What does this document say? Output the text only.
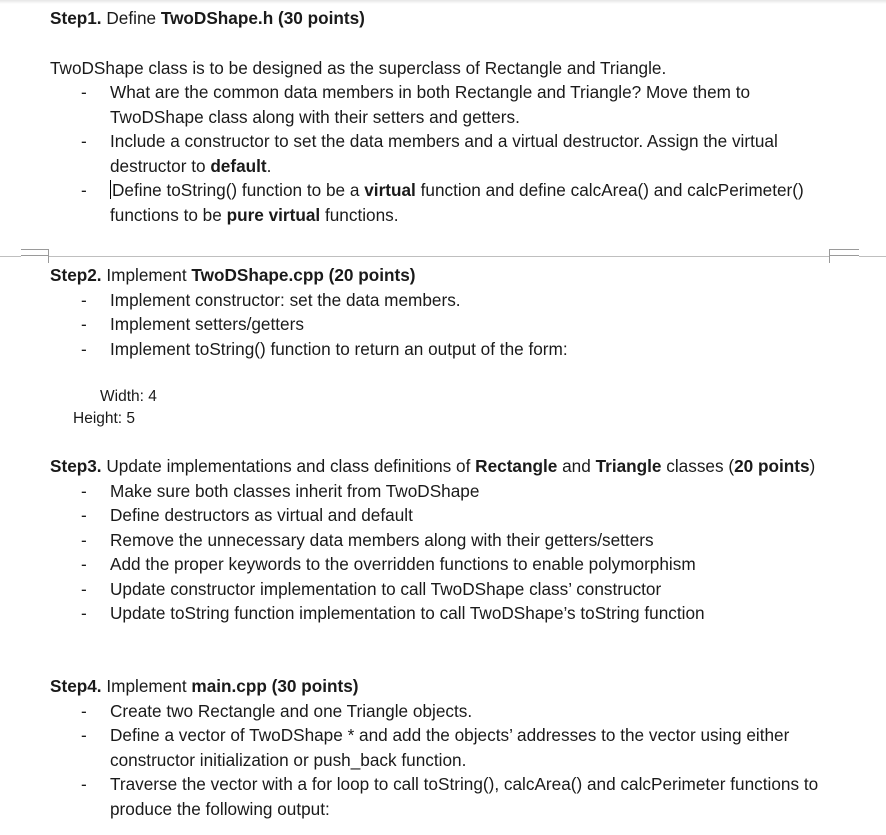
Step1. Define TwoDShape.h (30 points)

TwoDShape class is to be designed as the superclass of Rectangle and Triangle.

- What are the common data members in both Rectangle and Triangle? Move them to TwoDShape class along with their setters and getters.
- Include a constructor to set the data members and a virtual destructor. Assign the virtual destructor to default.
- Define toString() function to be a virtual function and define calcArea() and calcPerimeter() functions to be pure virtual functions.

Step2. Implement TwoDShape.cpp (20 points)

- Implement constructor: set the data members.
- Implement setters/getters
- Implement toString() function to return an output of the form:
Width: 4
Height: 5

Step3. Update implementations and class definitions of Rectangle and Triangle classes (20 points)

- Make sure both classes inherit from TwoDShape
- Define destructors as virtual and default
- Remove the unnecessary data members along with their getters/setters
- Add the proper keywords to the overridden functions to enable polymorphism
- Update constructor implementation to call TwoDShape class’ constructor
- Update toString function implementation to call TwoDShape’s toString function

Step4. Implement main.cpp (30 points)

- Create two Rectangle and one Triangle objects.
- Define a vector of TwoDShape * and add the objects’ addresses to the vector using either constructor initialization or push_back function.
- Traverse the vector with a for loop to call toString(), calcArea() and calcPerimeter functions to produce the following output:
